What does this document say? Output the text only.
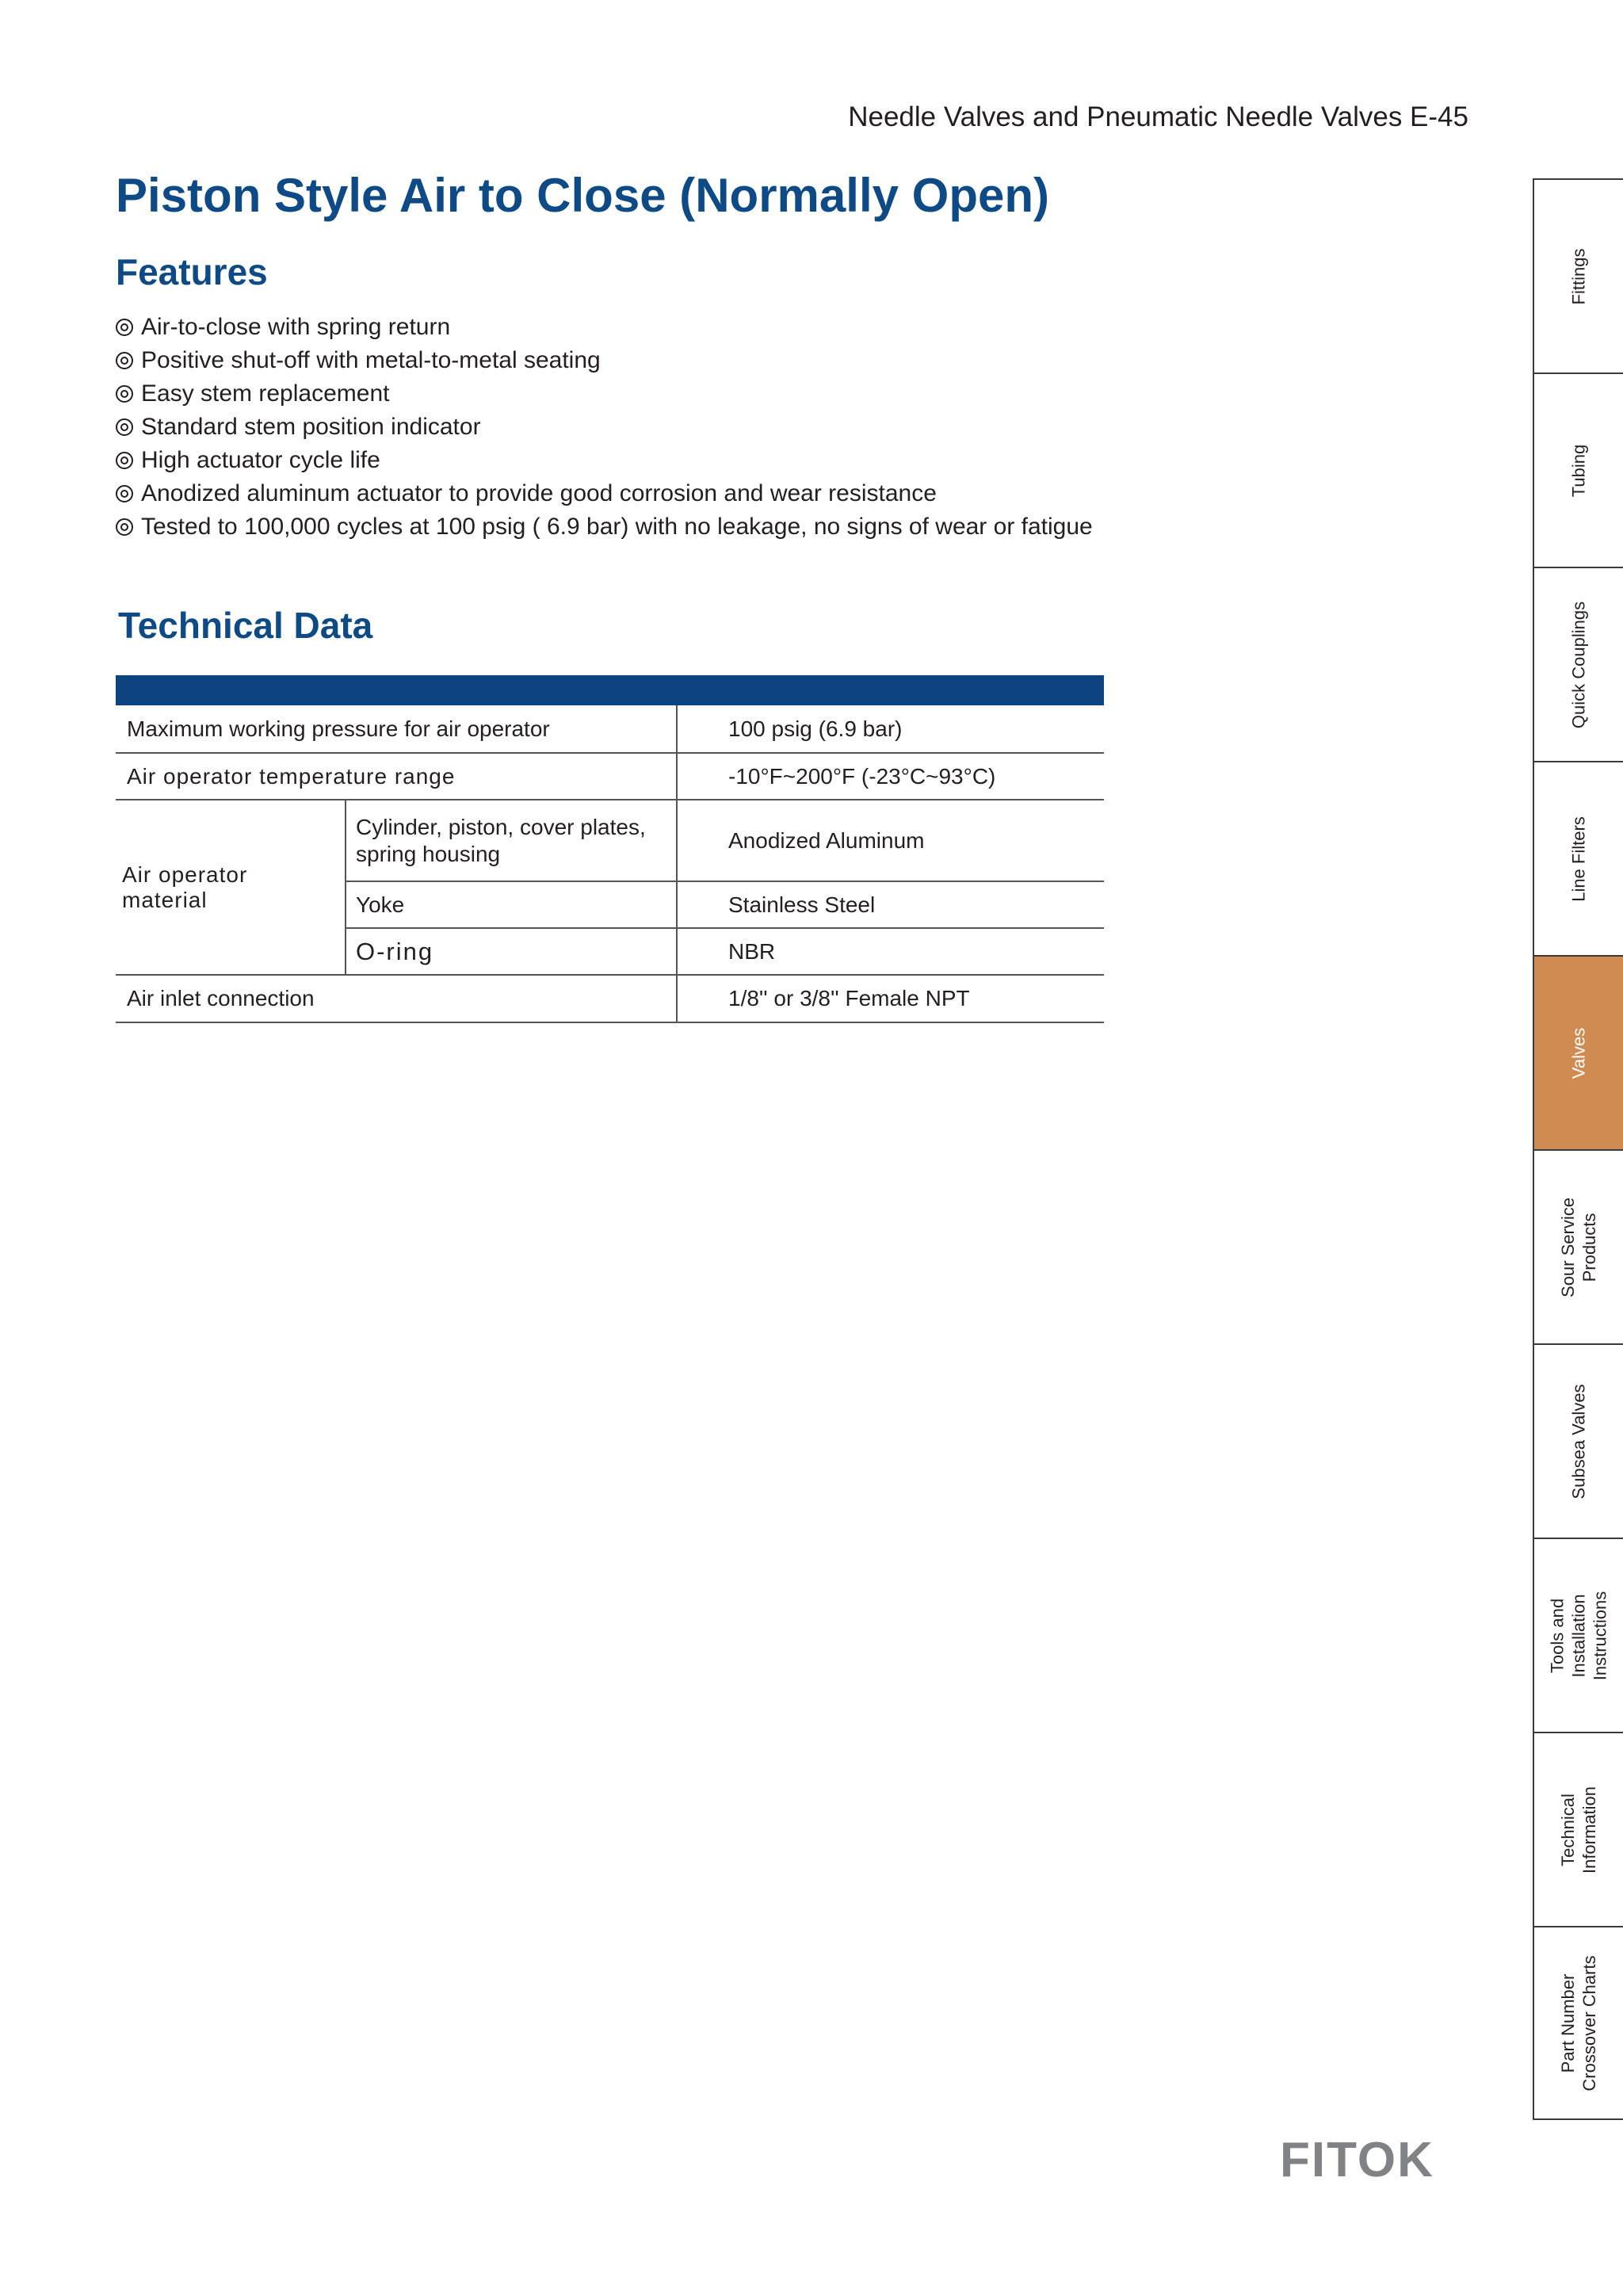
Needle Valves and Pneumatic Needle Valves E-45
Piston Style Air to Close (Normally Open)
Features
Air-to-close with spring return
Positive shut-off with metal-to-metal seating
Easy stem replacement
Standard stem position indicator
High actuator cycle life
Anodized aluminum actuator to provide good corrosion and wear resistance
Tested to 100,000 cycles at 100 psig ( 6.9 bar) with no leakage, no signs of wear or fatigue
Technical Data
Maximum working pressure for air operator		100 psig (6.9 bar)
Air operator temperature range		-10°F~200°F (-23°C~93°C)
Air operator material	Cylinder, piston, cover plates, spring housing	Anodized Aluminum
	Yoke	Stainless Steel
	O-ring	NBR
Air inlet connection		1/8'' or 3/8'' Female NPT
Fittings
Tubing
Quick Couplings
Line Filters
Valves
Sour Service
Products
Subsea Valves
Tools and
Installation
Instructions
Technical
Information
Part Number
Crossover Charts
FITOK
